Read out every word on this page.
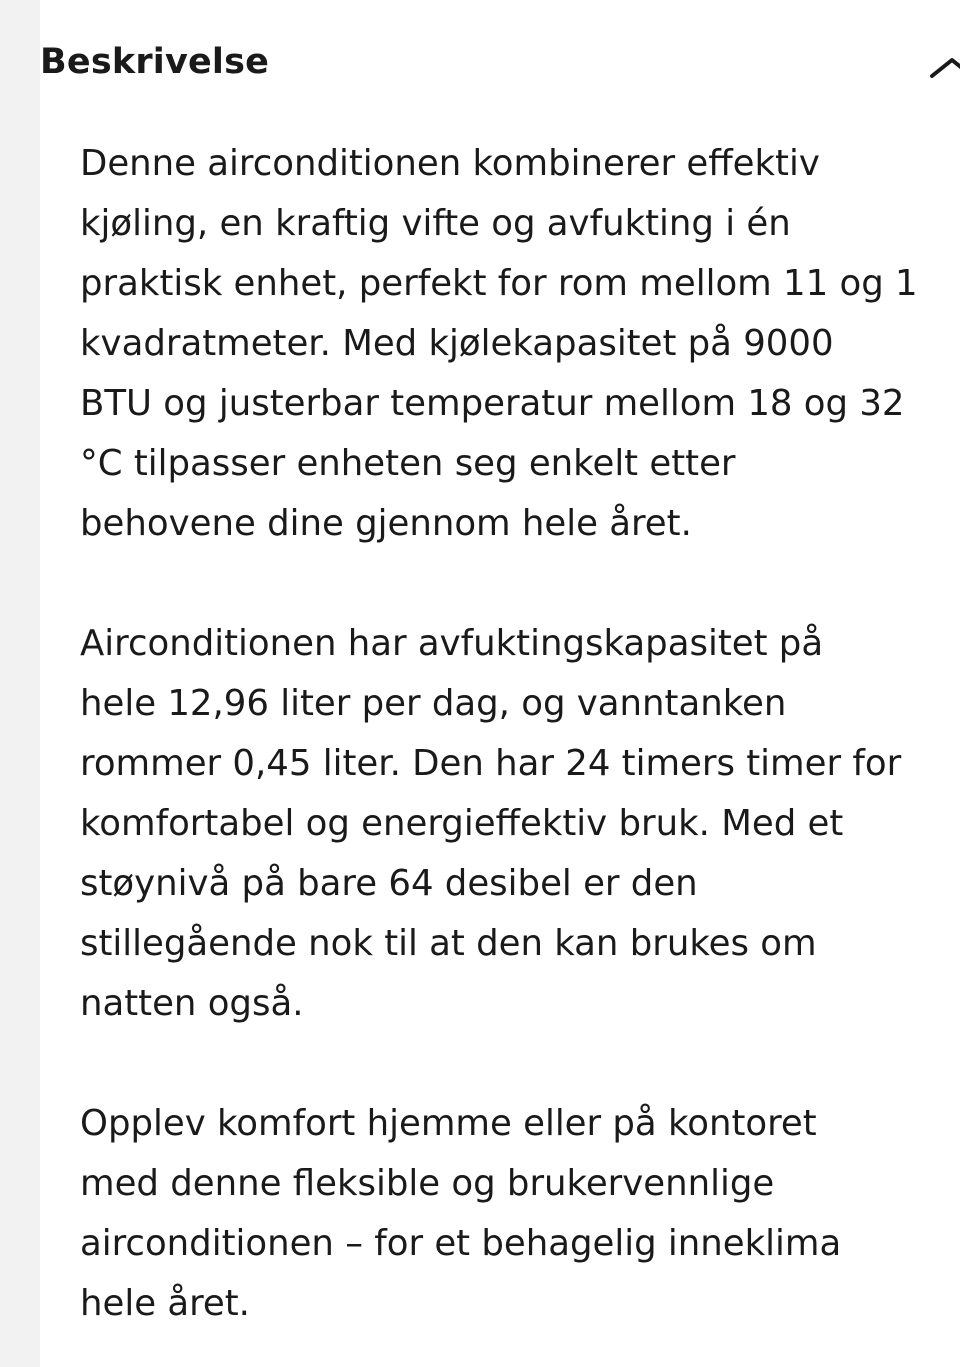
Beskrivelse

Denne airconditionen kombinerer effektiv
kjøling, en kraftig vifte og avfukting i én
praktisk enhet, perfekt for rom mellom 11 og 1
kvadratmeter. Med kjølekapasitet på 9000
BTU og justerbar temperatur mellom 18 og 32
°C tilpasser enheten seg enkelt etter
behovene dine gjennom hele året.

Airconditionen har avfuktingskapasitet på
hele 12,96 liter per dag, og vanntanken
rommer 0,45 liter. Den har 24 timers timer for
komfortabel og energieffektiv bruk. Med et
støynivå på bare 64 desibel er den
stillegående nok til at den kan brukes om
natten også.

Opplev komfort hjemme eller på kontoret
med denne fleksible og brukervennlige
airconditionen – for et behagelig inneklima
hele året.
